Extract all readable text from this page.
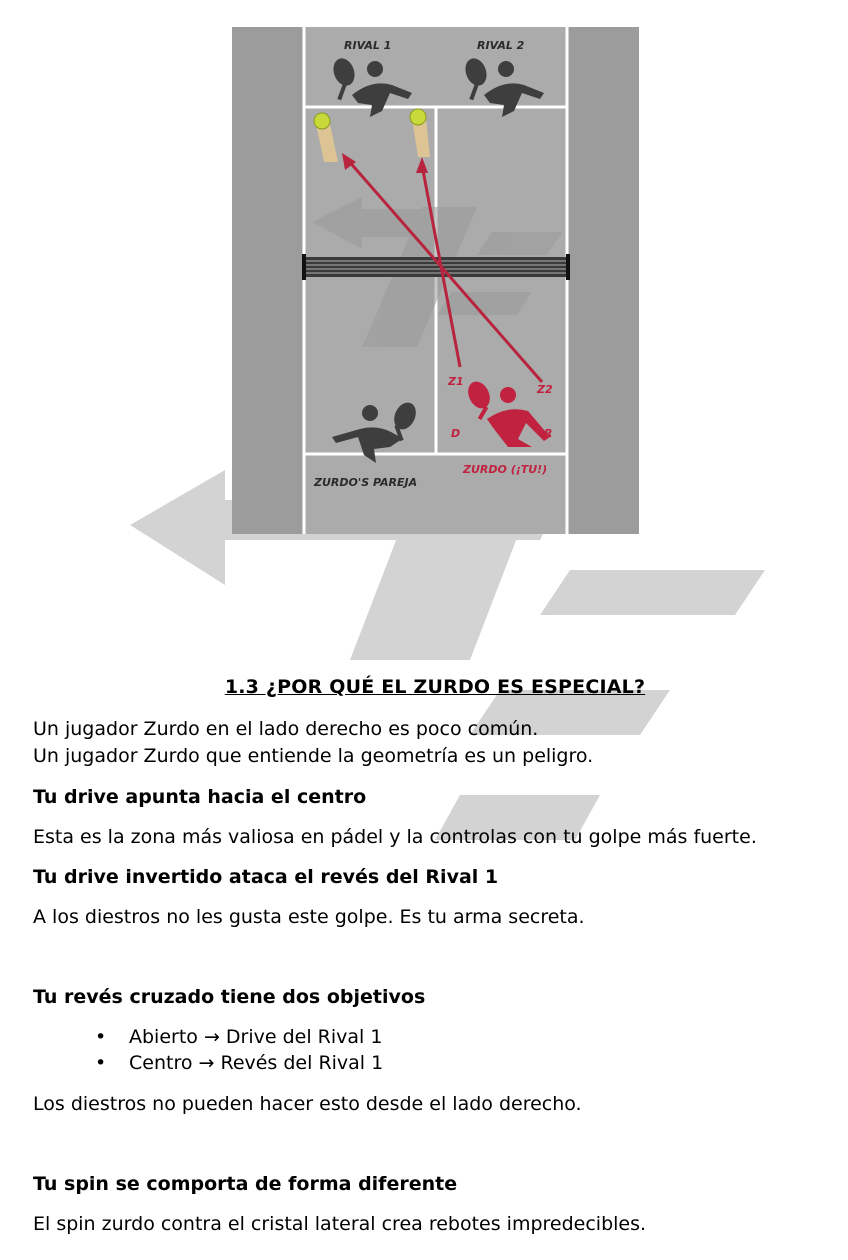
RIVAL 1	RIVAL 2
Z1
Z2
D	R
ZURDO (¡TU!)
ZURDO'S PAREJA
1.3 ¿POR QUÉ EL ZURDO ES ESPECIAL?
Un jugador Zurdo en el lado derecho es poco común.
Un jugador Zurdo que entiende la geometría es un peligro.
Tu drive apunta hacia el centro
Esta es la zona más valiosa en pádel y la controlas con tu golpe más fuerte.
Tu drive invertido ataca el revés del Rival 1
A los diestros no les gusta este golpe. Es tu arma secreta.
Tu revés cruzado tiene dos objetivos
• Abierto → Drive del Rival 1
• Centro → Revés del Rival 1
Los diestros no pueden hacer esto desde el lado derecho.
Tu spin se comporta de forma diferente
El spin zurdo contra el cristal lateral crea rebotes impredecibles.
